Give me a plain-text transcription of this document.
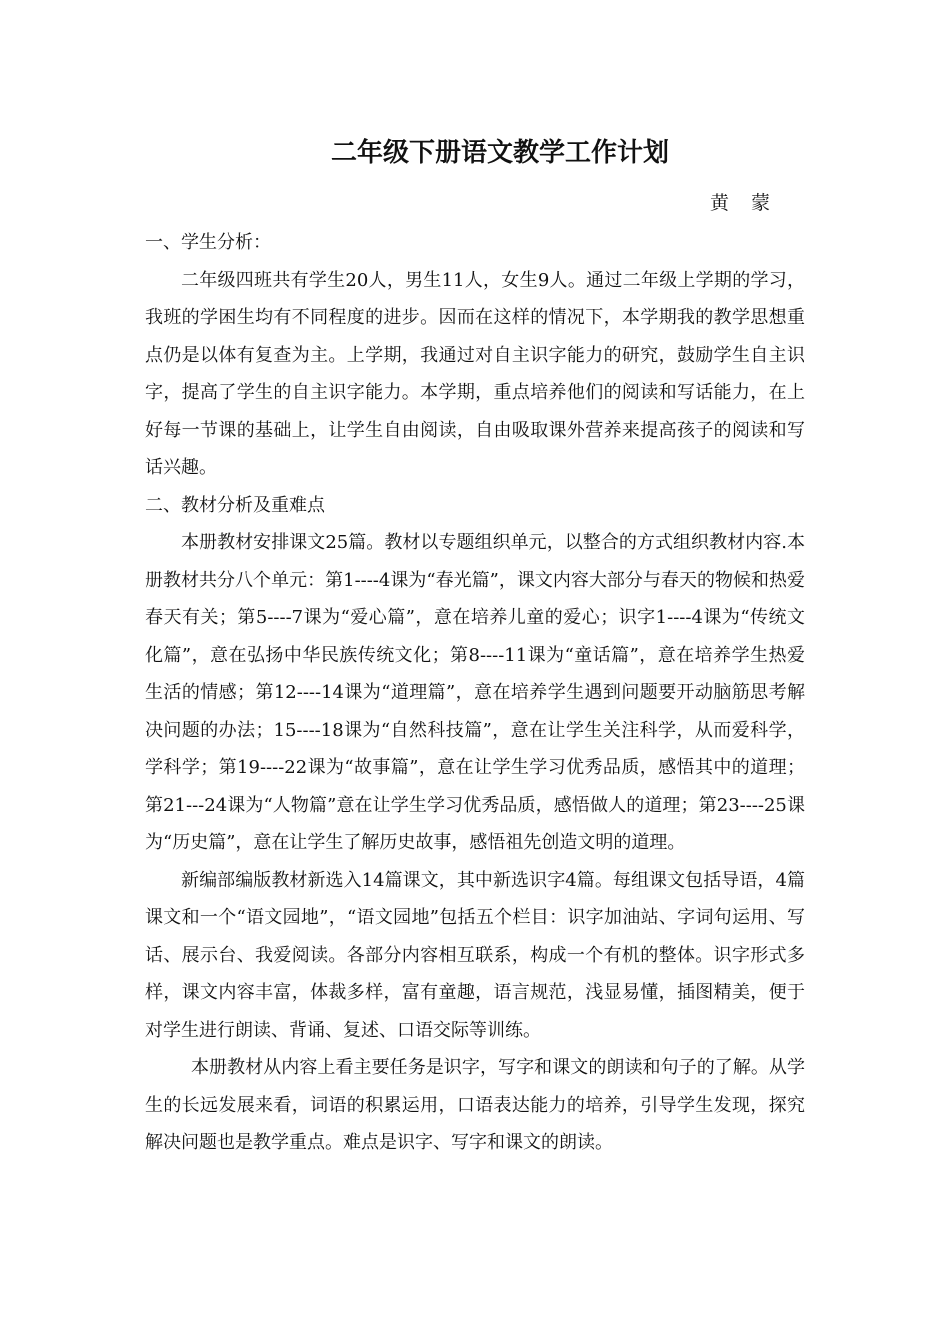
二年级下册语文教学工作计划

黄 蒙

一、学生分析：

二年级四班共有学生20人，男生11人，女生9人。通过二年级上学期的学习，我班的学困生均有不同程度的进步。因而在这样的情况下，本学期我的教学思想重点仍是以体有复查为主。上学期，我通过对自主识字能力的研究，鼓励学生自主识字，提高了学生的自主识字能力。本学期，重点培养他们的阅读和写话能力，在上好每一节课的基础上，让学生自由阅读，自由吸取课外营养来提高孩子的阅读和写话兴趣。

二、教材分析及重难点

本册教材安排课文25篇。教材以专题组织单元，以整合的方式组织教材内容.本册教材共分八个单元：第1----4课为“春光篇”，课文内容大部分与春天的物候和热爱春天有关；第5----7课为“爱心篇”，意在培养儿童的爱心；识字1----4课为“传统文化篇”，意在弘扬中华民族传统文化；第8----11课为“童话篇”，意在培养学生热爱生活的情感；第12----14课为“道理篇”，意在培养学生遇到问题要开动脑筋思考解决问题的办法；15----18课为“自然科技篇”，意在让学生关注科学，从而爱科学，学科学；第19----22课为“故事篇”，意在让学生学习优秀品质，感悟其中的道理；第21---24课为“人物篇”意在让学生学习优秀品质，感悟做人的道理；第23----25课为“历史篇”，意在让学生了解历史故事，感悟祖先创造文明的道理。

新编部编版教材新选入14篇课文，其中新选识字4篇。每组课文包括导语，4篇课文和一个“语文园地”，“语文园地”包括五个栏目：识字加油站、字词句运用、写话、展示台、我爱阅读。各部分内容相互联系，构成一个有机的整体。识字形式多样，课文内容丰富，体裁多样，富有童趣，语言规范，浅显易懂，插图精美，便于对学生进行朗读、背诵、复述、口语交际等训练。

本册教材从内容上看主要任务是识字，写字和课文的朗读和句子的了解。从学生的长远发展来看，词语的积累运用，口语表达能力的培养，引导学生发现，探究解决问题也是教学重点。难点是识字、写字和课文的朗读。
